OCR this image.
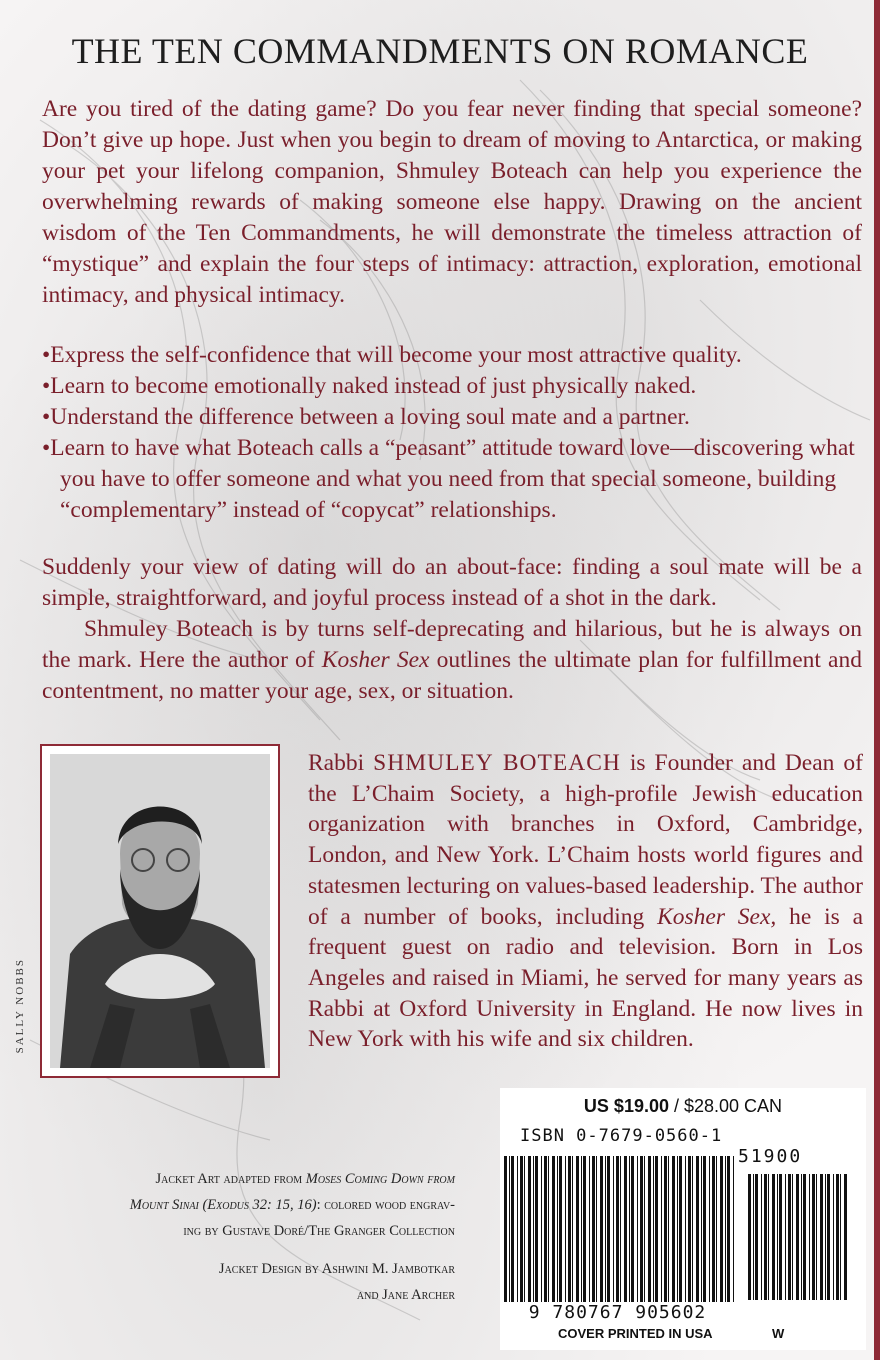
THE TEN COMMANDMENTS ON ROMANCE
Are you tired of the dating game? Do you fear never finding that special someone? Don’t give up hope. Just when you begin to dream of moving to Antarctica, or making your pet your lifelong companion, Shmuley Boteach can help you experience the overwhelming rewards of making someone else happy. Drawing on the ancient wisdom of the Ten Commandments, he will demonstrate the timeless attraction of “mystique” and explain the four steps of intimacy: attraction, exploration, emotional intimacy, and physical intimacy.
•Express the self-confidence that will become your most attractive quality.
•Learn to become emotionally naked instead of just physically naked.
•Understand the difference between a loving soul mate and a partner.
•Learn to have what Boteach calls a “peasant” attitude toward love—discovering what you have to offer someone and what you need from that special someone, building “complementary” instead of “copycat” relationships.
Suddenly your view of dating will do an about-face: finding a soul mate will be a simple, straightforward, and joyful process instead of a shot in the dark.
Shmuley Boteach is by turns self-deprecating and hilarious, but he is always on the mark. Here the author of Kosher Sex outlines the ultimate plan for fulfillment and contentment, no matter your age, sex, or situation.
SALLY NOBBS
Rabbi SHMULEY BOTEACH is Founder and Dean of the L’Chaim Society, a high-profile Jewish education organization with branches in Oxford, Cambridge, London, and New York. L’Chaim hosts world figures and statesmen lecturing on values-based leadership. The author of a number of books, including Kosher Sex, he is a frequent guest on radio and television. Born in Los Angeles and raised in Miami, he served for many years as Rabbi at Oxford University in England. He now lives in New York with his wife and six children.
Jacket Art adapted from Moses Coming Down from
Mount Sinai (Exodus 32: 15, 16): colored wood engrav-
ing by Gustave Doré/The Granger Collection
Jacket Design by Ashwini M. Jambotkar
and Jane Archer
US $19.00 / $28.00 CAN
ISBN 0-7679-0560-1
51900
9 780767 905602
COVER PRINTED IN USA	W
